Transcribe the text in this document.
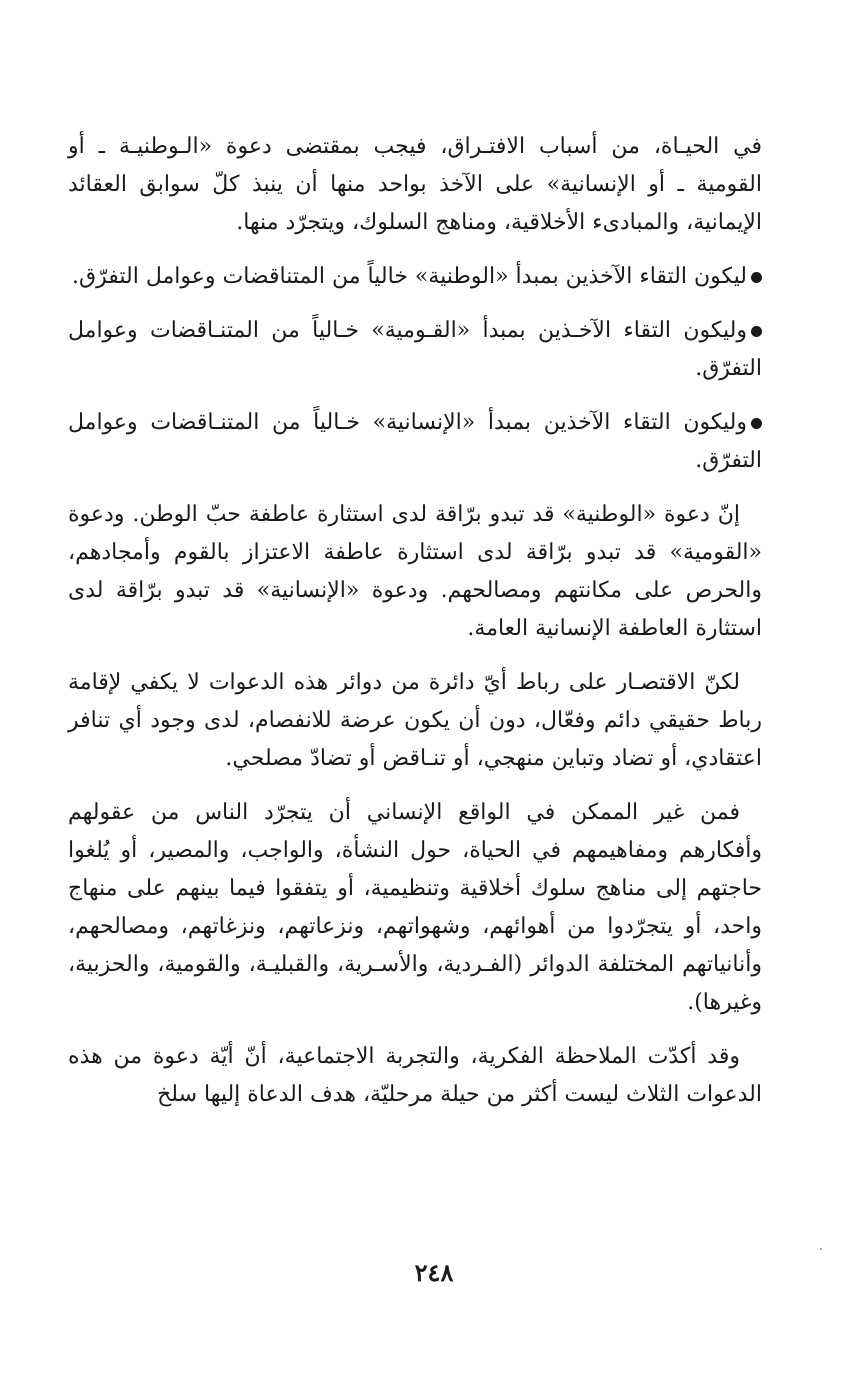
في الحيـاة، من أسباب الافتـراق، فيجب بمقتضى دعوة «الـوطنيـة ـ أو القومية ـ أو الإنسانية» على الآخذ بواحد منها أن ينبذ كلّ سوابق العقائد الإيمانية، والمبادىء الأخلاقية، ومناهج السلوك، ويتجرّد منها.

ليكون التقاء الآخذين بمبدأ «الوطنية» خالياً من المتناقضات وعوامل التفرّق.
وليكون التقاء الآخـذين بمبدأ «القـومية» خـالياً من المتنـاقضات وعوامل التفرّق.
وليكون التقاء الآخذين بمبدأ «الإنسانية» خـالياً من المتنـاقضات وعوامل التفرّق.

إنّ دعوة «الوطنية» قد تبدو برّاقة لدى استثارة عاطفة حبّ الوطن. ودعوة «القومية» قد تبدو برّاقة لدى استثارة عاطفة الاعتزاز بالقوم وأمجادهم، والحرص على مكانتهم ومصالحهم. ودعوة «الإنسانية» قد تبدو برّاقة لدى استثارة العاطفة الإنسانية العامة.

لكنّ الاقتصـار على رباط أيّ دائرة من دوائر هذه الدعوات لا يكفي لإقامة رباط حقيقي دائم وفعّال، دون أن يكون عرضة للانفصام، لدى وجود أي تنافر اعتقادي، أو تضاد وتباين منهجي، أو تنـاقض أو تضادّ مصلحي.

فمن غير الممكن في الواقع الإنساني أن يتجرّد الناس من عقولهم وأفكارهم ومفاهيمهم في الحياة، حول النشأة، والواجب، والمصير، أو يُلغوا حاجتهم إلى مناهج سلوك أخلاقية وتنظيمية، أو يتفقوا فيما بينهم على منهاج واحد، أو يتجرّدوا من أهوائهم، وشهواتهم، ونزعاتهم، ونزغاتهم، ومصالحهم، وأنانياتهم المختلفة الدوائر (الفـردية، والأسـرية، والقبليـة، والقومية، والحزبية، وغيرها).

وقد أكدّت الملاحظة الفكرية، والتجربة الاجتماعية، أنّ أيّة دعوة من هذه الدعوات الثلاث ليست أكثر من حيلة مرحليّة، هدف الدعاة إليها سلخ

٢٤٨
